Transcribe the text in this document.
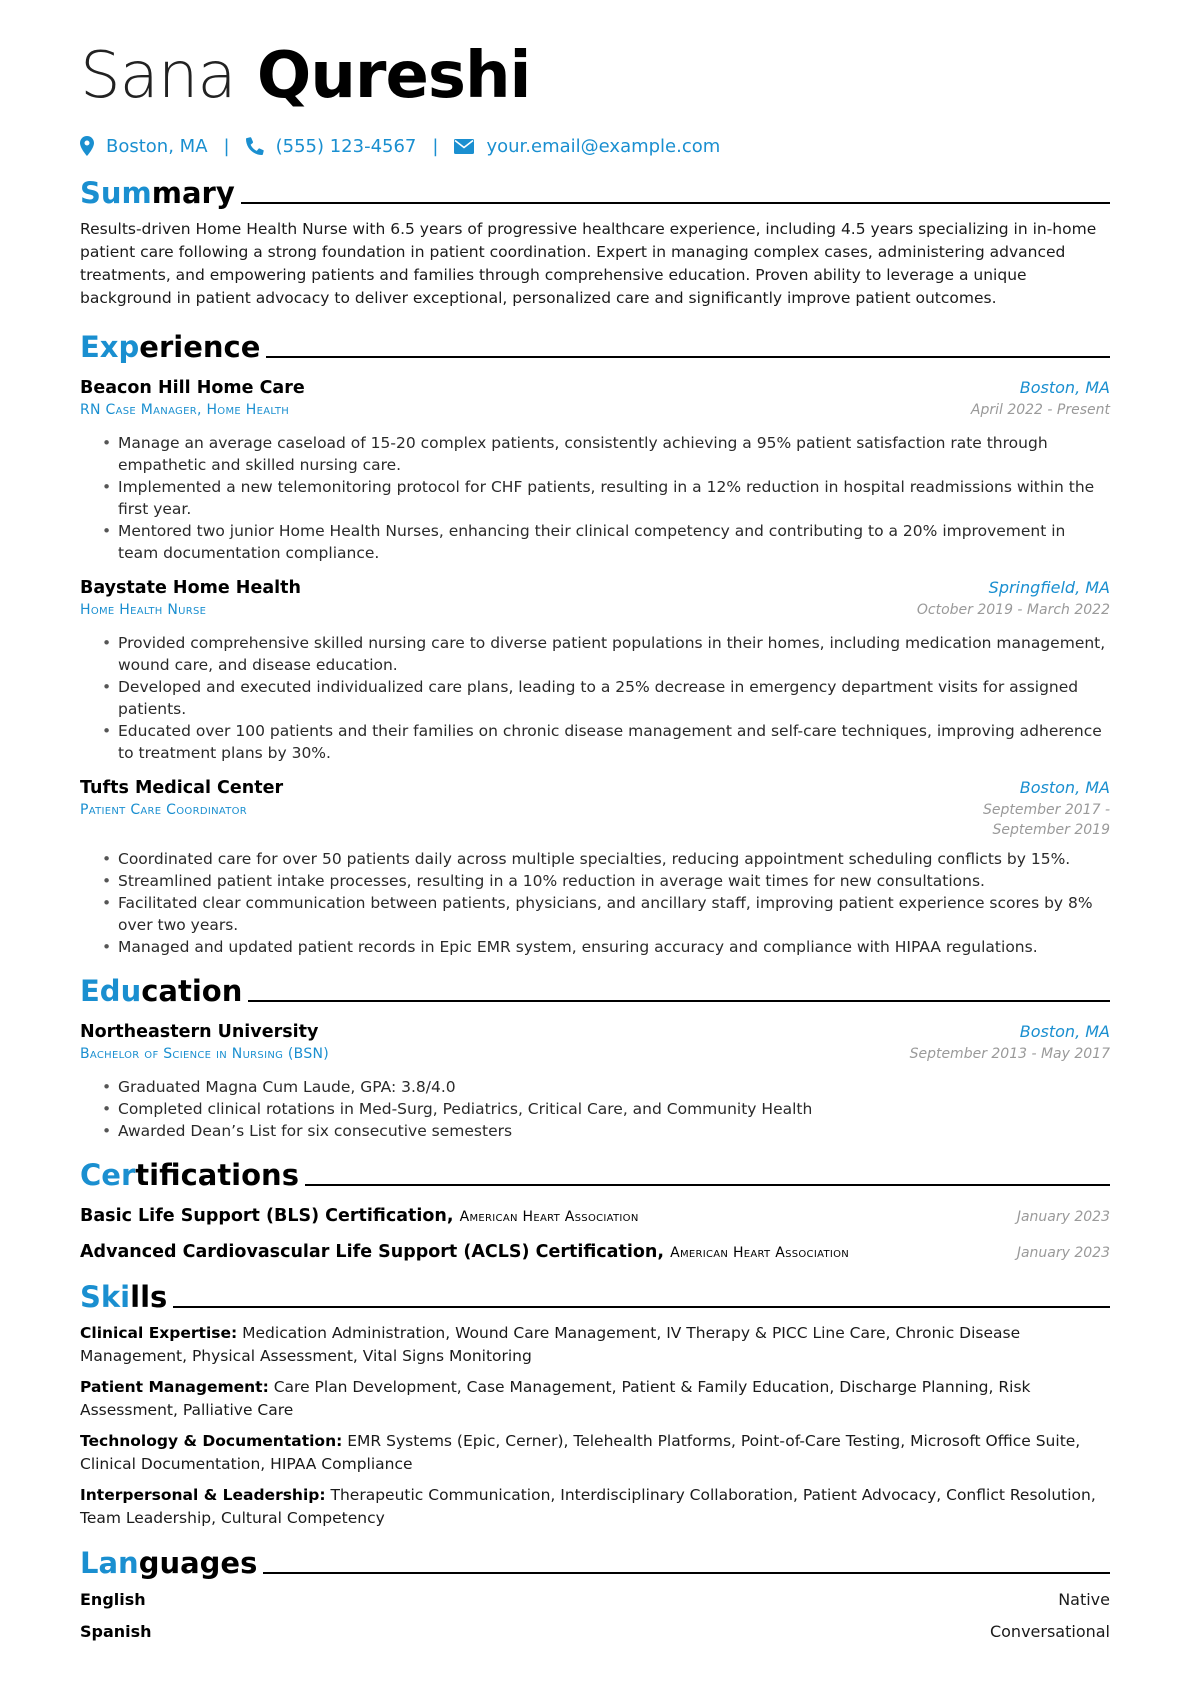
Sana Qureshi
Boston, MA |	(555) 123-4567 |	your.email@example.com
Summary
Results-driven Home Health Nurse with 6.5 years of progressive healthcare experience, including 4.5 years specializing in in-home patient care following a strong foundation in patient coordination. Expert in managing complex cases, administering advanced treatments, and empowering patients and families through comprehensive education. Proven ability to leverage a unique background in patient advocacy to deliver exceptional, personalized care and significantly improve patient outcomes.
Experience
Beacon Hill Home Care	Boston, MA
RN Case Manager, Home Health	April 2022 - Present
• Manage an average caseload of 15-20 complex patients, consistently achieving a 95% patient satisfaction rate through empathetic and skilled nursing care.
• Implemented a new telemonitoring protocol for CHF patients, resulting in a 12% reduction in hospital readmissions within the first year.
• Mentored two junior Home Health Nurses, enhancing their clinical competency and contributing to a 20% improvement in team documentation compliance.
Baystate Home Health	Springfield, MA
Home Health Nurse	October 2019 - March 2022
• Provided comprehensive skilled nursing care to diverse patient populations in their homes, including medication management, wound care, and disease education.
• Developed and executed individualized care plans, leading to a 25% decrease in emergency department visits for assigned patients.
• Educated over 100 patients and their families on chronic disease management and self-care techniques, improving adherence to treatment plans by 30%.
Tufts Medical Center	Boston, MA
Patient Care Coordinator	September 2017 - September 2019
• Coordinated care for over 50 patients daily across multiple specialties, reducing appointment scheduling conflicts by 15%.
• Streamlined patient intake processes, resulting in a 10% reduction in average wait times for new consultations.
• Facilitated clear communication between patients, physicians, and ancillary staff, improving patient experience scores by 8% over two years.
• Managed and updated patient records in Epic EMR system, ensuring accuracy and compliance with HIPAA regulations.
Education
Northeastern University	Boston, MA
Bachelor of Science in Nursing (BSN)	September 2013 - May 2017
• Graduated Magna Cum Laude, GPA: 3.8/4.0
• Completed clinical rotations in Med-Surg, Pediatrics, Critical Care, and Community Health
• Awarded Dean’s List for six consecutive semesters
Certifications
Basic Life Support (BLS) Certification, American Heart Association	January 2023
Advanced Cardiovascular Life Support (ACLS) Certification, American Heart Association	January 2023
Skills
Clinical Expertise: Medication Administration, Wound Care Management, IV Therapy & PICC Line Care, Chronic Disease Management, Physical Assessment, Vital Signs Monitoring
Patient Management: Care Plan Development, Case Management, Patient & Family Education, Discharge Planning, Risk Assessment, Palliative Care
Technology & Documentation: EMR Systems (Epic, Cerner), Telehealth Platforms, Point-of-Care Testing, Microsoft Office Suite, Clinical Documentation, HIPAA Compliance
Interpersonal & Leadership: Therapeutic Communication, Interdisciplinary Collaboration, Patient Advocacy, Conflict Resolution, Team Leadership, Cultural Competency
Languages
English	Native
Spanish	Conversational
